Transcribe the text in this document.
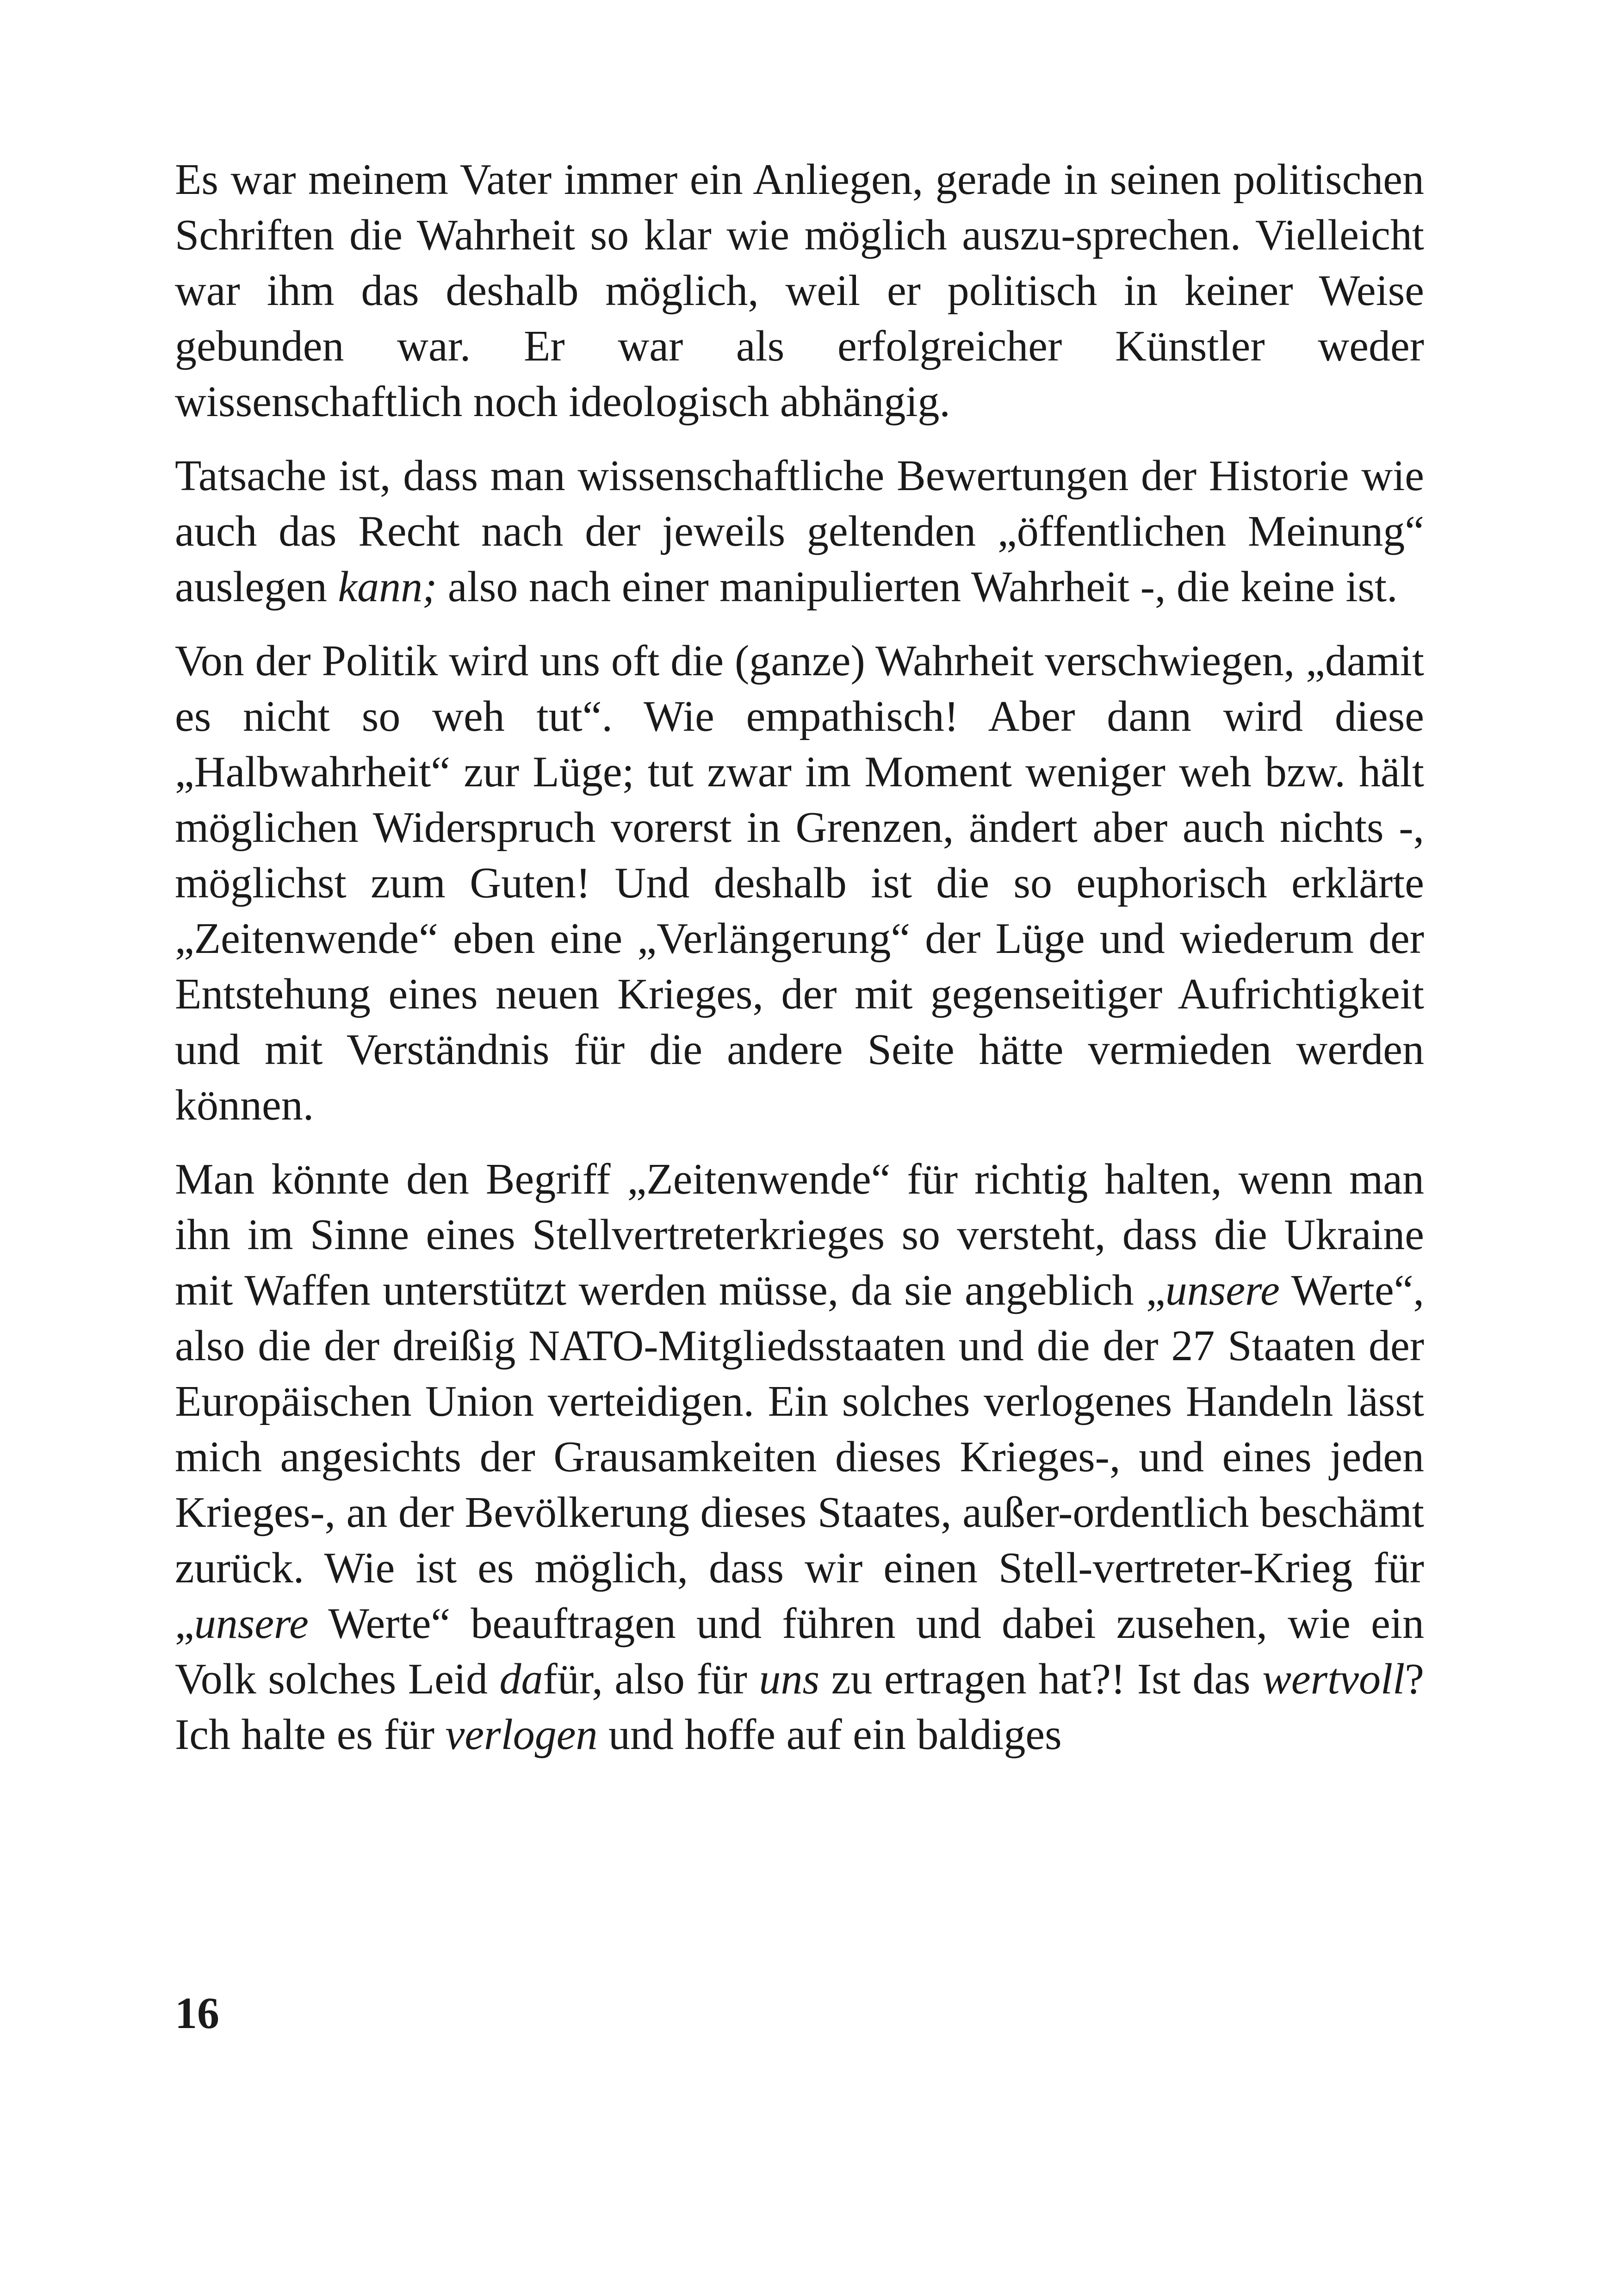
Es war meinem Vater immer ein Anliegen, gerade in seinen politischen Schriften die Wahrheit so klar wie möglich auszu-sprechen. Vielleicht war ihm das deshalb möglich, weil er politisch in keiner Weise gebunden war. Er war als erfolgreicher Künstler weder wissenschaftlich noch ideologisch abhängig.

Tatsache ist, dass man wissenschaftliche Bewertungen der Historie wie auch das Recht nach der jeweils geltenden „öffentlichen Meinung“ auslegen kann; also nach einer manipulierten Wahrheit -, die keine ist.

Von der Politik wird uns oft die (ganze) Wahrheit verschwiegen, „damit es nicht so weh tut“. Wie empathisch! Aber dann wird diese „Halbwahrheit“ zur Lüge; tut zwar im Moment weniger weh bzw. hält möglichen Widerspruch vorerst in Grenzen, ändert aber auch nichts -, möglichst zum Guten! Und deshalb ist die so euphorisch erklärte „Zeitenwende“ eben eine „Verlängerung“ der Lüge und wiederum der Entstehung eines neuen Krieges, der mit gegenseitiger Aufrichtigkeit und mit Verständnis für die andere Seite hätte vermieden werden können.

Man könnte den Begriff „Zeitenwende“ für richtig halten, wenn man ihn im Sinne eines Stellvertreterkrieges so versteht, dass die Ukraine mit Waffen unterstützt werden müsse, da sie angeblich „unsere Werte“, also die der dreißig NATO-Mitgliedsstaaten und die der 27 Staaten der Europäischen Union verteidigen. Ein solches verlogenes Handeln lässt mich angesichts der Grausamkeiten dieses Krieges-, und eines jeden Krieges-, an der Bevölkerung dieses Staates, außer-ordentlich beschämt zurück. Wie ist es möglich, dass wir einen Stell-vertreter-Krieg für „unsere Werte“ beauftragen und führen und dabei zusehen, wie ein Volk solches Leid dafür, also für uns zu ertragen hat?! Ist das wertvoll? Ich halte es für verlogen und hoffe auf ein baldiges

16
